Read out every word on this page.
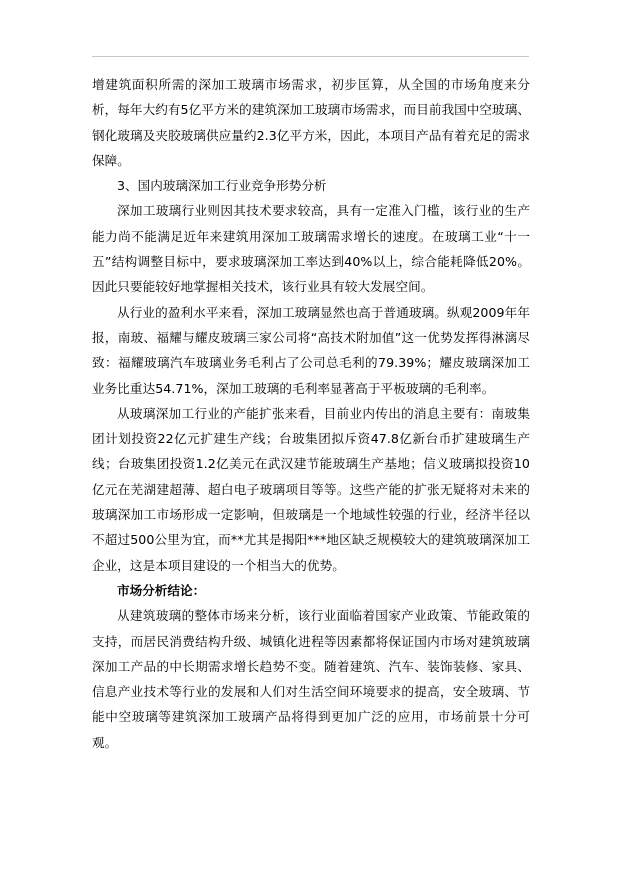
增建筑面积所需的深加工玻璃市场需求，初步匡算，从全国的市场角度来分析，每年大约有5亿平方米的建筑深加工玻璃市场需求，而目前我国中空玻璃、钢化玻璃及夹胶玻璃供应量约2.3亿平方米，因此，本项目产品有着充足的需求保障。

3、国内玻璃深加工行业竞争形势分析

深加工玻璃行业则因其技术要求较高，具有一定准入门槛，该行业的生产能力尚不能满足近年来建筑用深加工玻璃需求增长的速度。在玻璃工业“十一五”结构调整目标中，要求玻璃深加工率达到40%以上，综合能耗降低20%。因此只要能较好地掌握相关技术，该行业具有较大发展空间。

从行业的盈利水平来看，深加工玻璃显然也高于普通玻璃。纵观2009年年报，南玻、福耀与耀皮玻璃三家公司将“高技术附加值”这一优势发挥得淋漓尽致：福耀玻璃汽车玻璃业务毛利占了公司总毛利的79.39%；耀皮玻璃深加工业务比重达54.71%，深加工玻璃的毛利率显著高于平板玻璃的毛利率。

从玻璃深加工行业的产能扩张来看，目前业内传出的消息主要有：南玻集团计划投资22亿元扩建生产线；台玻集团拟斥资47.8亿新台币扩建玻璃生产线；台玻集团投资1.2亿美元在武汉建节能玻璃生产基地；信义玻璃拟投资10亿元在芜湖建超薄、超白电子玻璃项目等等。这些产能的扩张无疑将对未来的玻璃深加工市场形成一定影响，但玻璃是一个地域性较强的行业，经济半径以不超过500公里为宜，而**尤其是揭阳***地区缺乏规模较大的建筑玻璃深加工企业，这是本项目建设的一个相当大的优势。

市场分析结论：

从建筑玻璃的整体市场来分析，该行业面临着国家产业政策、节能政策的支持，而居民消费结构升级、城镇化进程等因素都将保证国内市场对建筑玻璃深加工产品的中长期需求增长趋势不变。随着建筑、汽车、装饰装修、家具、信息产业技术等行业的发展和人们对生活空间环境要求的提高，安全玻璃、节能中空玻璃等建筑深加工玻璃产品将得到更加广泛的应用，市场前景十分可观。
